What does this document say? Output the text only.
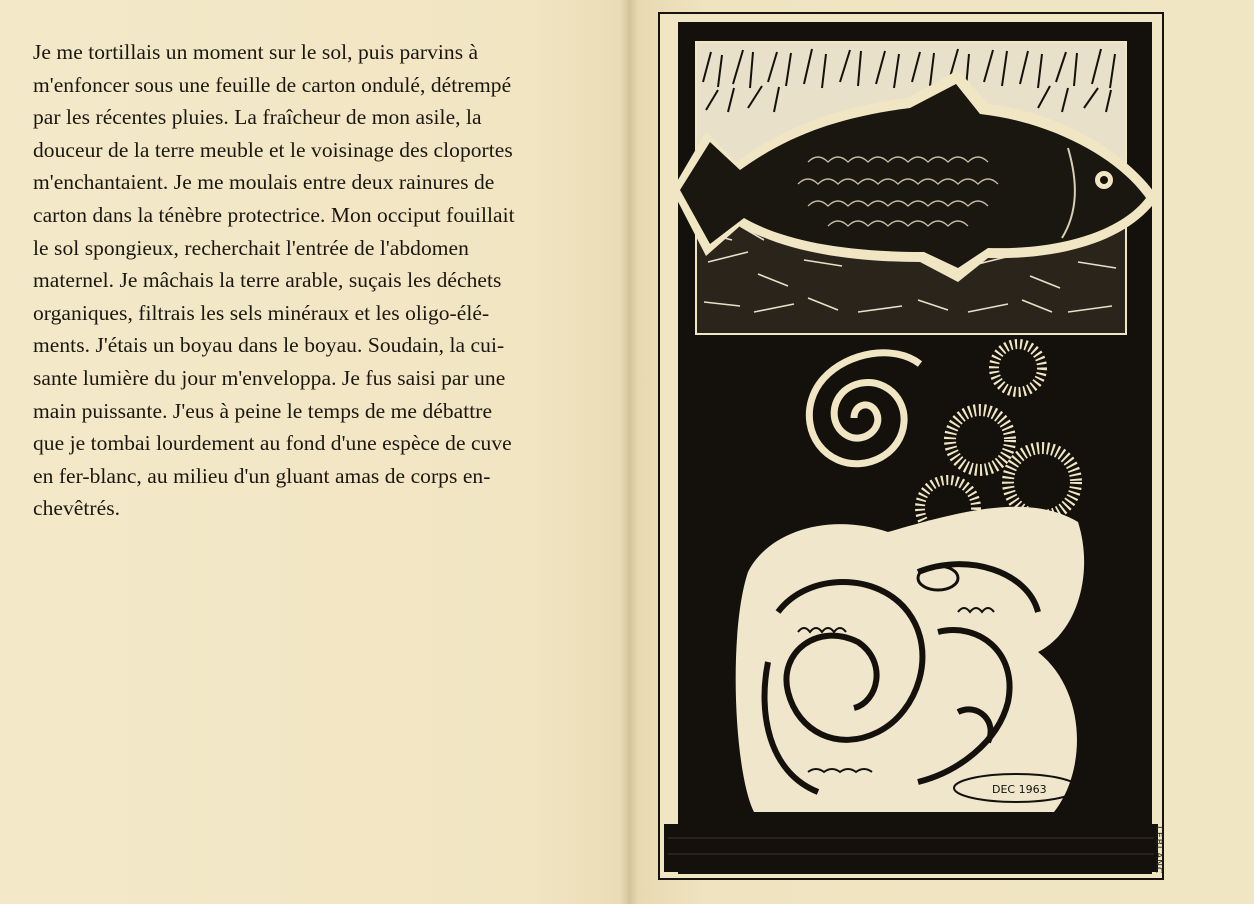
Je me tortillais un moment sur le sol, puis parvins à
m'enfoncer sous une feuille de carton ondulé, détrempé
par les récentes pluies. La fraîcheur de mon asile, la
douceur de la terre meuble et le voisinage des cloportes
m'enchantaient. Je me moulais entre deux rainures de
carton dans la ténèbre protectrice. Mon occiput fouillait
le sol spongieux, recherchait l'entrée de l'abdomen
maternel. Je mâchais la terre arable, suçais les déchets
organiques, filtrais les sels minéraux et les oligo-élé-
ments. J'étais un boyau dans le boyau. Soudain, la cui-
sante lumière du jour m'enveloppa. Je fus saisi par une
main puissante. J'eus à peine le temps de me débattre
que je tombai lourdement au fond d'une espèce de cuve
en fer-blanc, au milieu d'un gluant amas de corps en-
chevêtrés.
DEC 1963
LEBLANC
